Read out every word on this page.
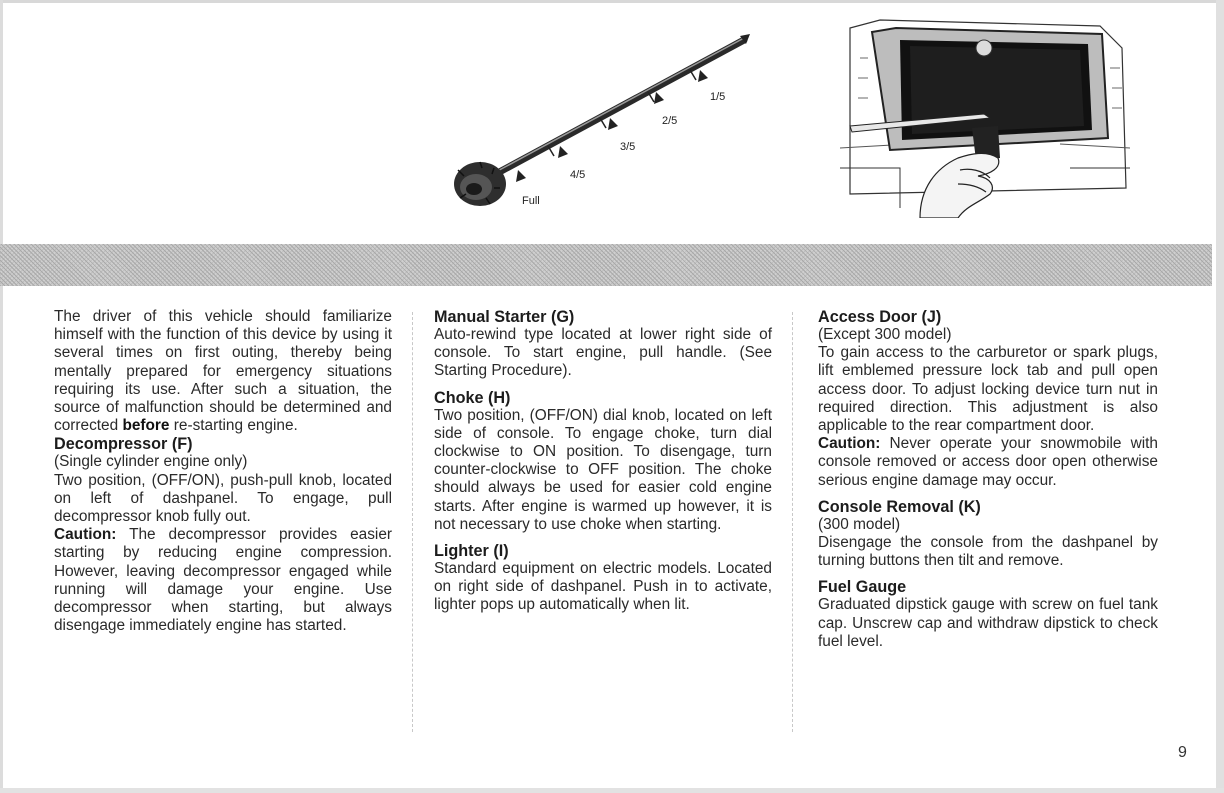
1/5
2/5
3/5
4/5
Full

The driver of this vehicle should familiarize himself with the function of this device by using it several times on first outing, thereby being mentally prepared for emergency situations requiring its use. After such a situation, the source of malfunction should be determined and corrected before re-starting engine.

Decompressor (F)
(Single cylinder engine only)

Two position, (OFF/ON), push-pull knob, located on left of dashpanel. To engage, pull decompressor knob fully out.

Caution: The decompressor provides easier starting by reducing engine compression. However, leaving decompressor engaged while running will damage your engine. Use decompressor when starting, but always disengage immediately engine has started.

Manual Starter (G)

Auto-rewind type located at lower right side of console. To start engine, pull handle. (See Starting Procedure).

Choke (H)

Two position, (OFF/ON) dial knob, located on left side of console. To engage choke, turn dial clockwise to ON position. To disengage, turn counter-clockwise to OFF position. The choke should always be used for easier cold engine starts. After engine is warmed up however, it is not necessary to use choke when starting.

Lighter (I)

Standard equipment on electric models. Located on right side of dashpanel. Push in to activate, lighter pops up automatically when lit.

Access Door (J)
(Except 300 model)

To gain access to the carburetor or spark plugs, lift emblemed pressure lock tab and pull open access door. To adjust locking device turn nut in required direction. This adjustment is also applicable to the rear compartment door.

Caution: Never operate your snowmobile with console removed or access door open otherwise serious engine damage may occur.

Console Removal (K)
(300 model)

Disengage the console from the dashpanel by turning buttons then tilt and remove.

Fuel Gauge

Graduated dipstick gauge with screw on fuel tank cap. Unscrew cap and withdraw dipstick to check fuel level.

9
